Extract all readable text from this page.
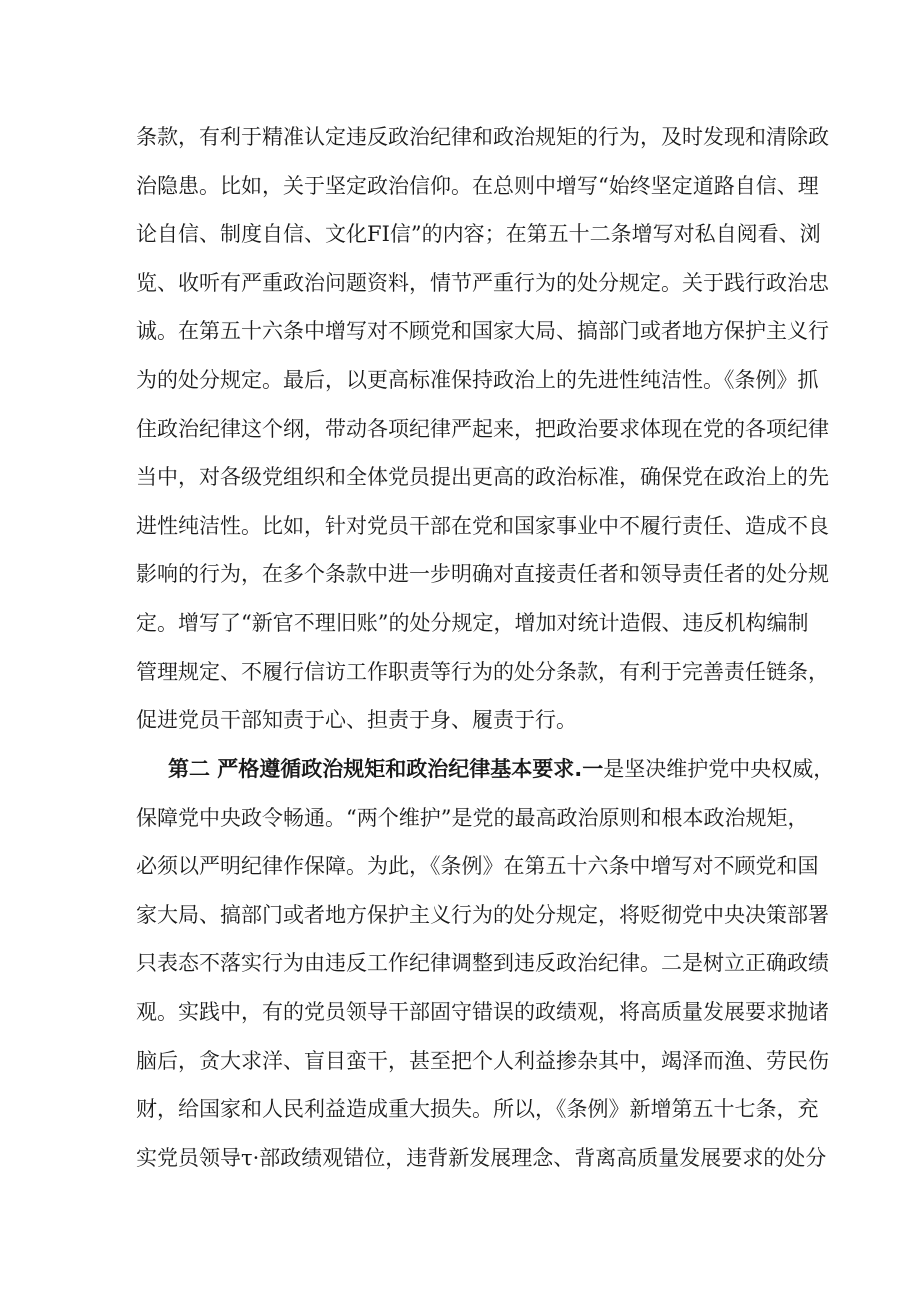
条款，有利于精准认定违反政治纪律和政治规矩的行为，及时发现和清除政
治隐患。比如，关于坚定政治信仰。在总则中增写“始终坚定道路自信、理
论自信、制度自信、文化FI信”的内容；在第五十二条增写对私自阅看、浏
览、收听有严重政治问题资料，情节严重行为的处分规定。关于践行政治忠
诚。在第五十六条中增写对不顾党和国家大局、搞部门或者地方保护主义行
为的处分规定。最后，以更高标准保持政治上的先进性纯洁性。《条例》抓
住政治纪律这个纲，带动各项纪律严起来，把政治要求体现在党的各项纪律
当中，对各级党组织和全体党员提出更高的政治标准，确保党在政治上的先
进性纯洁性。比如，针对党员干部在党和国家事业中不履行责任、造成不良
影响的行为，在多个条款中进一步明确对直接责任者和领导责任者的处分规
定。增写了“新官不理旧账”的处分规定，增加对统计造假、违反机构编制
管理规定、不履行信访工作职责等行为的处分条款，有利于完善责任链条，
促进党员干部知责于心、担责于身、履责于行。
第二 严格遵循政治规矩和政治纪律基本要求.一是坚决维护党中央权威，
保障党中央政令畅通。“两个维护”是党的最高政治原则和根本政治规矩，
必须以严明纪律作保障。为此，《条例》在第五十六条中增写对不顾党和国
家大局、搞部门或者地方保护主义行为的处分规定，将贬彻党中央决策部署
只表态不落实行为由违反工作纪律调整到违反政治纪律。二是树立正确政绩
观。实践中，有的党员领导干部固守错误的政绩观，将高质量发展要求抛诸
脑后，贪大求洋、盲目蛮干，甚至把个人利益掺杂其中，竭泽而渔、劳民伤
财，给国家和人民利益造成重大损失。所以，《条例》新增第五十七条，充
实党员领导τ·部政绩观错位，违背新发展理念、背离高质量发展要求的处分
